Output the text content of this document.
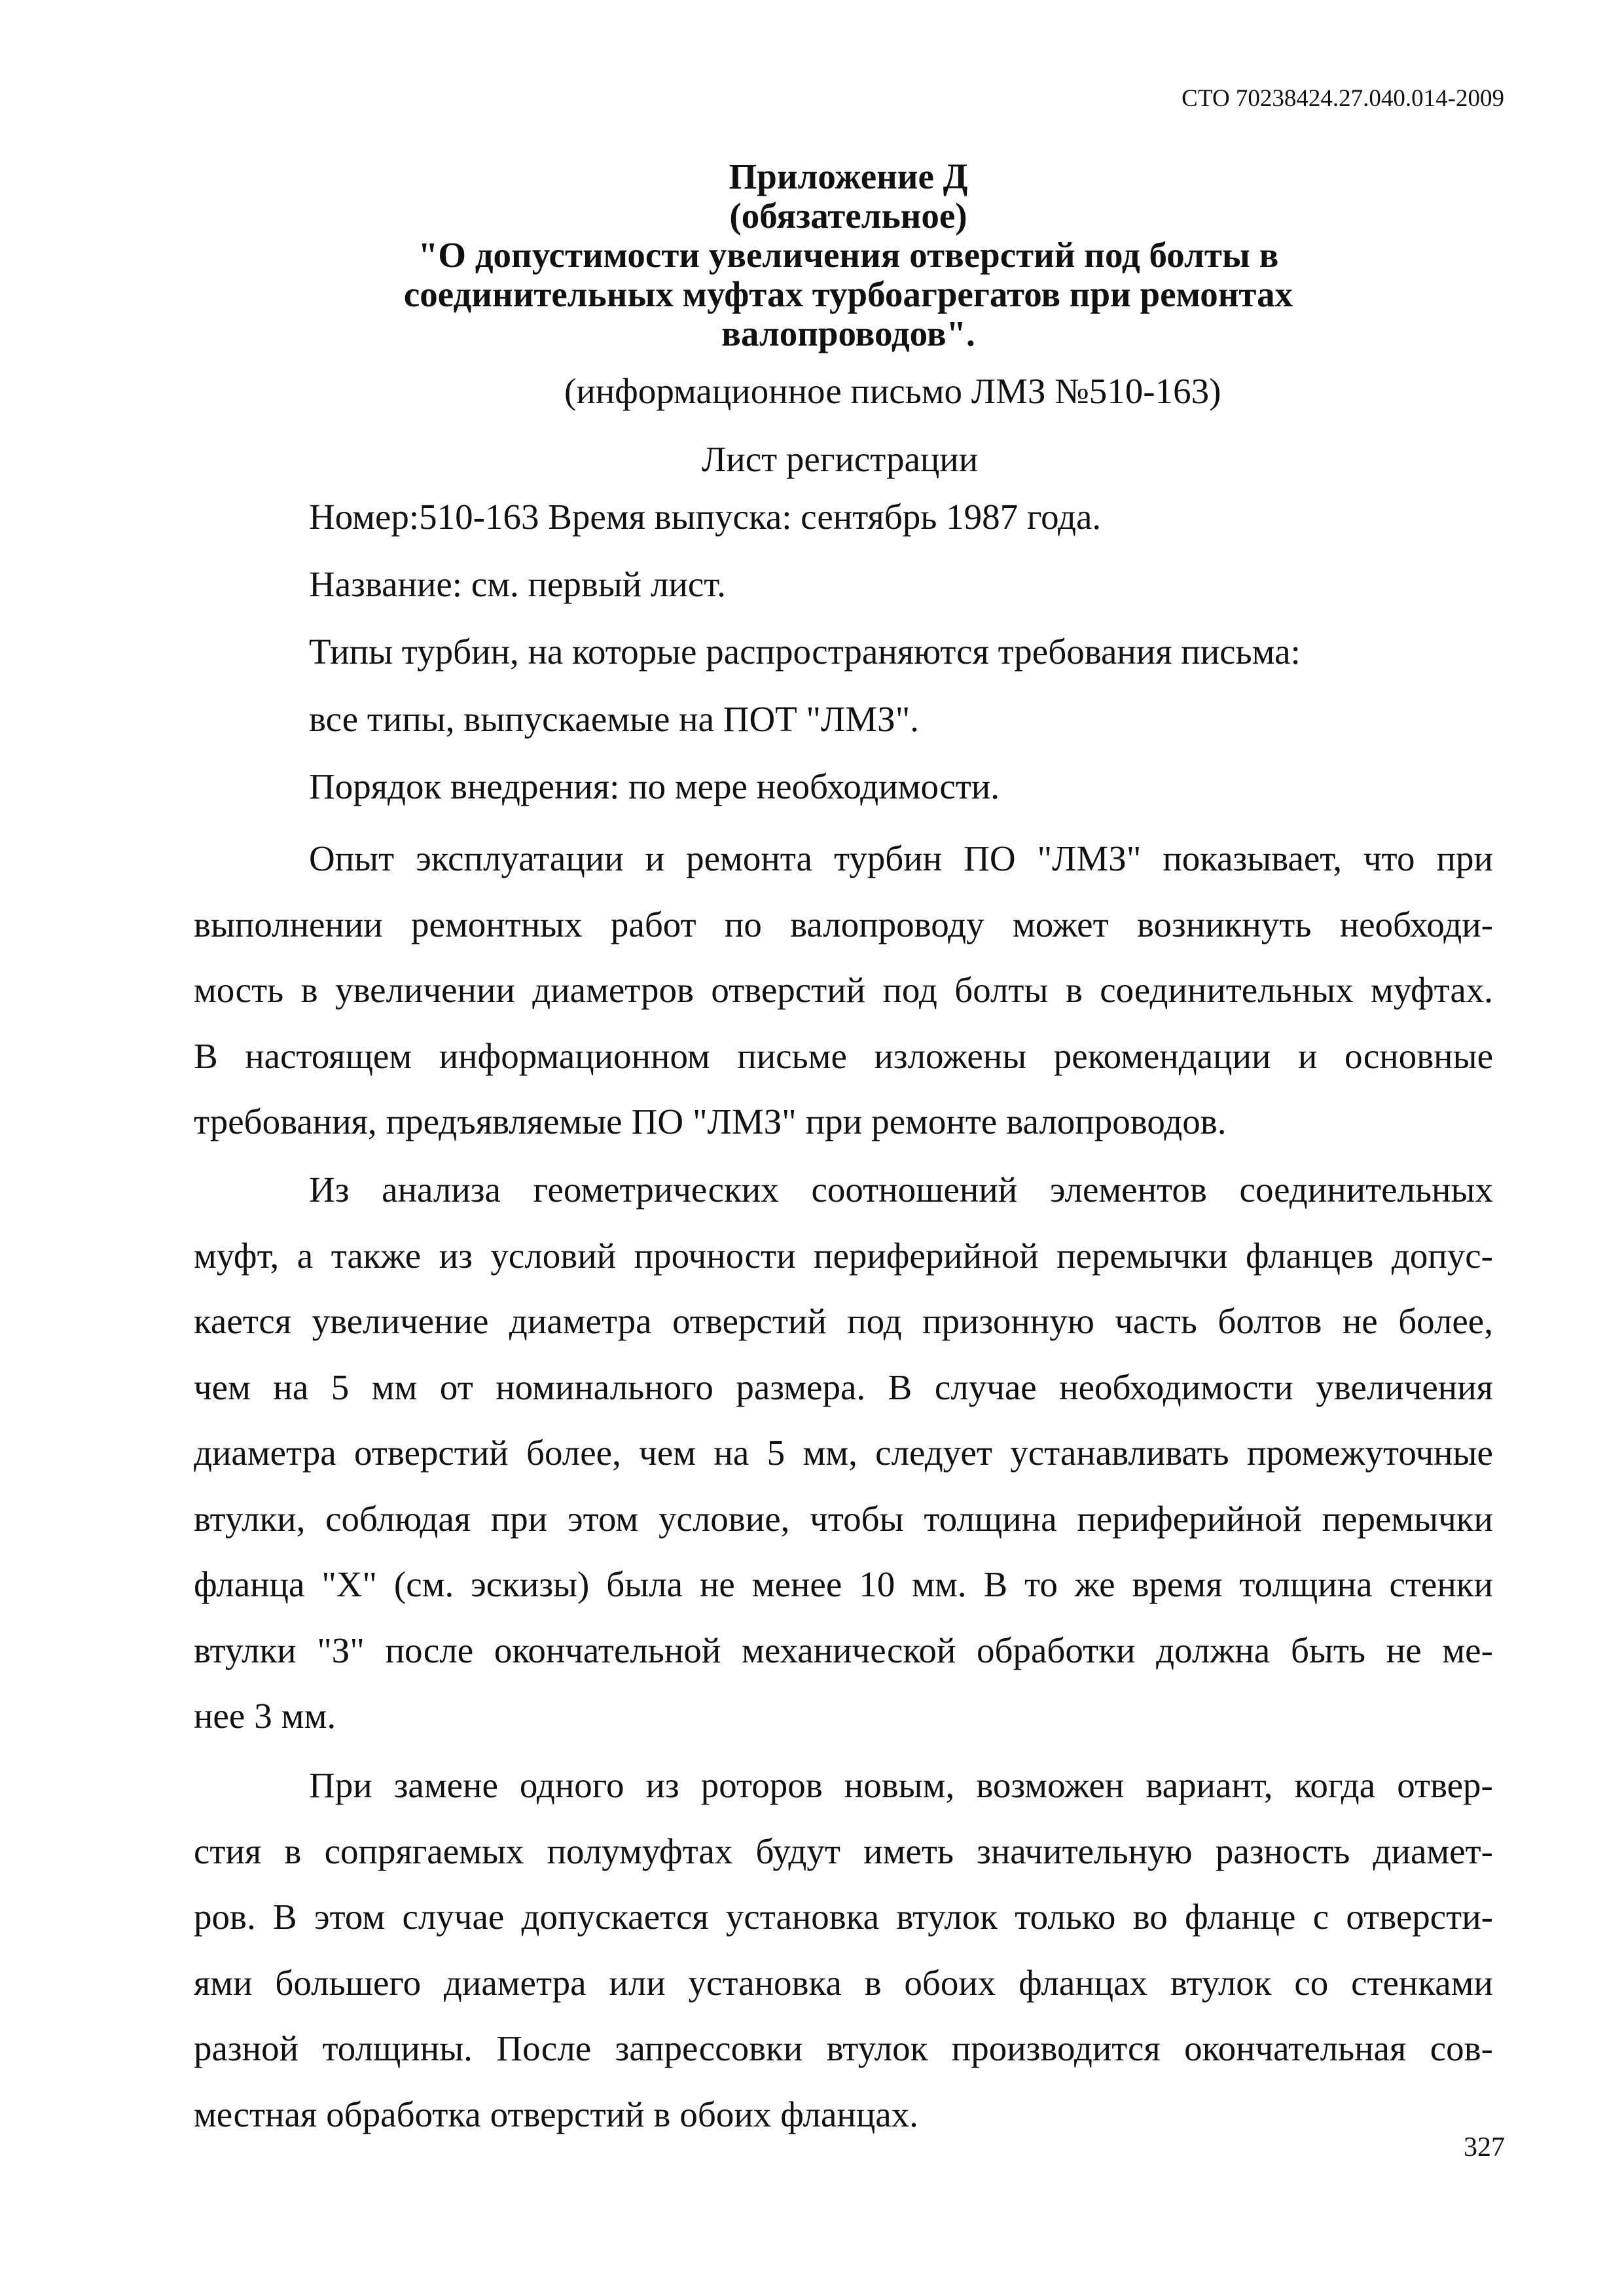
СТО 70238424.27.040.014-2009
Приложение Д
(обязательное)
"О допустимости увеличения отверстий под болты в
соединительных муфтах турбоагрегатов при ремонтах
валопроводов".
(информационное письмо ЛМЗ №510-163)
Лист регистрации
Номер:510-163 Время выпуска: сентябрь 1987 года.
Название: см. первый лист.
Типы турбин, на которые распространяются требования письма:
все типы, выпускаемые на ПОТ "ЛМЗ".
Порядок внедрения: по мере необходимости.
Опыт эксплуатации и ремонта турбин ПО "ЛМЗ" показывает, что при
выполнении ремонтных работ по валопроводу может возникнуть необходи-
мость в увеличении диаметров отверстий под болты в соединительных муфтах.
В настоящем информационном письме изложены рекомендации и основные
требования, предъявляемые ПО "ЛМЗ" при ремонте валопроводов.
Из анализа геометрических соотношений элементов соединительных
муфт, а также из условий прочности периферийной перемычки фланцев допус-
кается увеличение диаметра отверстий под призонную часть болтов не более,
чем на 5 мм от номинального размера. В случае необходимости увеличения
диаметра отверстий более, чем на 5 мм, следует устанавливать промежуточные
втулки, соблюдая при этом условие, чтобы толщина периферийной перемычки
фланца "X" (см. эскизы) была не менее 10 мм. В то же время толщина стенки
втулки "З" после окончательной механической обработки должна быть не ме-
нее 3 мм.
При замене одного из роторов новым, возможен вариант, когда отвер-
стия в сопрягаемых полумуфтах будут иметь значительную разность диамет-
ров. В этом случае допускается установка втулок только во фланце с отверсти-
ями большего диаметра или установка в обоих фланцах втулок со стенками
разной толщины. После запрессовки втулок производится окончательная сов-
местная обработка отверстий в обоих фланцах.
327
